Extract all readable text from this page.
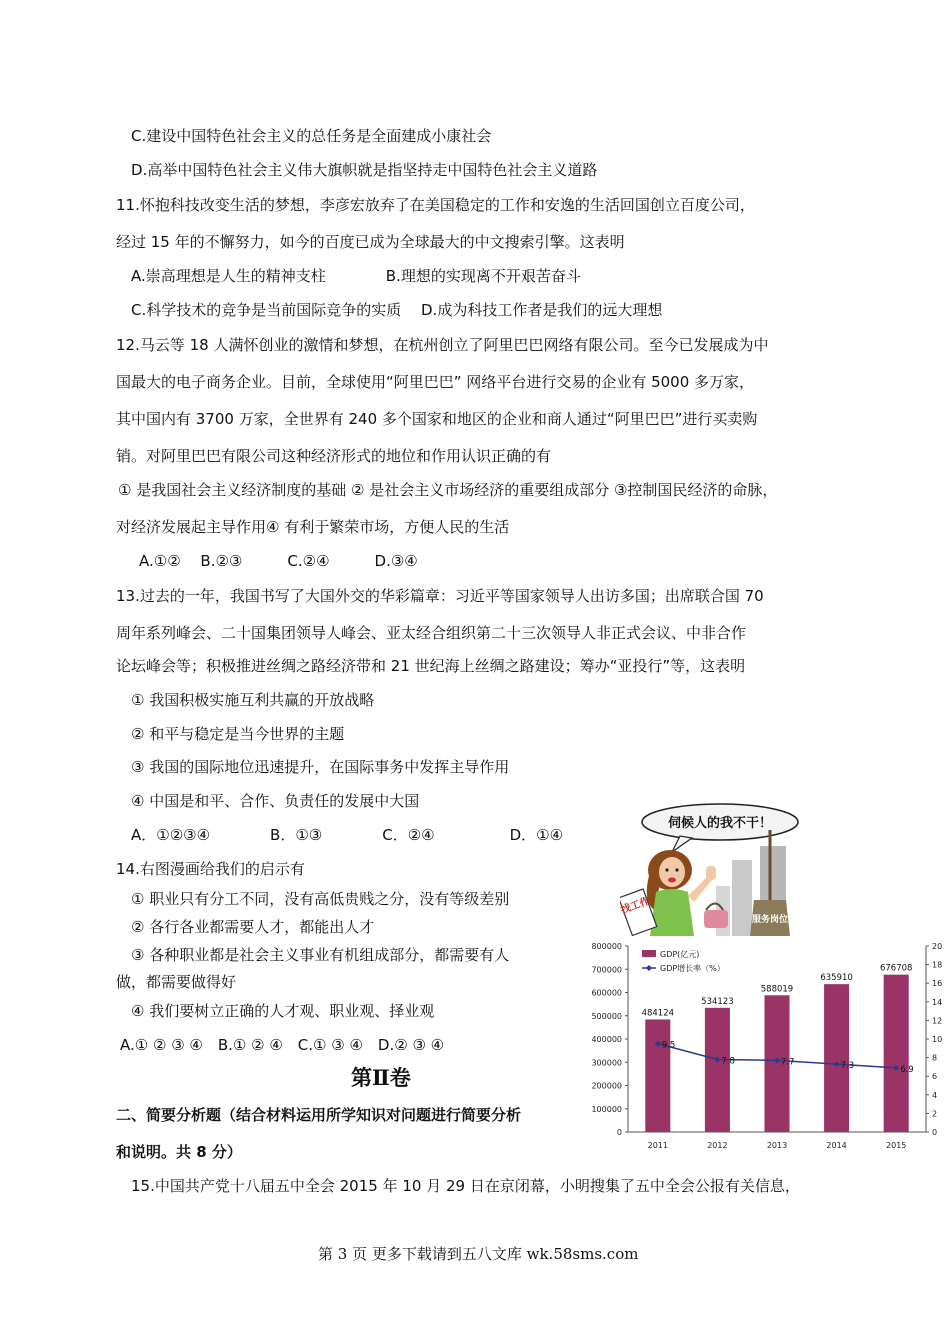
C.建设中国特色社会主义的总任务是全面建成小康社会
D.高举中国特色社会主义伟大旗帜就是指坚持走中国特色社会主义道路
11.怀抱科技改变生活的梦想，李彦宏放弃了在美国稳定的工作和安逸的生活回国创立百度公司，
经过 15 年的不懈努力，如今的百度已成为全球最大的中文搜索引擎。这表明
A.崇高理想是人生的精神支柱　　　　B.理想的实现离不开艰苦奋斗
C.科学技术的竞争是当前国际竞争的实质　 D.成为科技工作者是我们的远大理想
12.马云等 18 人满怀创业的激情和梦想，在杭州创立了阿里巴巴网络有限公司。至今已发展成为中
国最大的电子商务企业。目前，全球使用“阿里巴巴” 网络平台进行交易的企业有 5000 多万家，
其中国内有 3700 万家，全世界有 240 多个国家和地区的企业和商人通过“阿里巴巴”进行买卖购
销。对阿里巴巴有限公司这种经济形式的地位和作用认识正确的有
① 是我国社会主义经济制度的基础 ② 是社会主义市场经济的重要组成部分 ③控制国民经济的命脉，
对经济发展起主导作用④ 有利于繁荣市场，方便人民的生活
A.①②　 B.②③　　　C.②④　　　D.③④
13.过去的一年，我国书写了大国外交的华彩篇章：习近平等国家领导人出访多国；出席联合国 70
周年系列峰会、二十国集团领导人峰会、亚太经合组织第二十三次领导人非正式会议、中非合作
论坛峰会等；积极推进丝绸之路经济带和 21 世纪海上丝绸之路建设；筹办“亚投行”等，这表明
① 我国积极实施互利共赢的开放战略
② 和平与稳定是当今世界的主题
③ 我国的国际地位迅速提升，在国际事务中发挥主导作用
④ 中国是和平、合作、负责任的发展中大国
A．①②③④　　　　B．①③　　　　C．②④　　　　　D．①④
14.右图漫画给我们的启示有
① 职业只有分工不同，没有高低贵贱之分，没有等级差别
② 各行各业都需要人才，都能出人才
③ 各种职业都是社会主义事业有机组成部分，都需要有人
做，都需要做得好
④ 我们要树立正确的人才观、职业观、择业观
A.① ② ③ ④　B.① ② ④　C.① ③ ④　D.② ③ ④
第Ⅱ卷
二、简要分析题（结合材料运用所学知识对问题进行简要分析
和说明。共 8 分）
15.中国共产党十八届五中全会 2015 年 10 月 29 日在京闭幕，小明搜集了五中全会公报有关信息，
第 3 页 更多下载请到五八文库 wk.58sms.com
伺候人的我不干！
找工作
服务岗位
0
100000
200000
300000
400000
500000
600000
700000
800000
0
2
4
6
8
10
12
14
16
18
20
2011	2012	2013	2014	2015
484124
534123
588019
635910
676708
9.5
7.8	7.7	7.3	6.9
GDP(亿元)
GDP增长率（%）
